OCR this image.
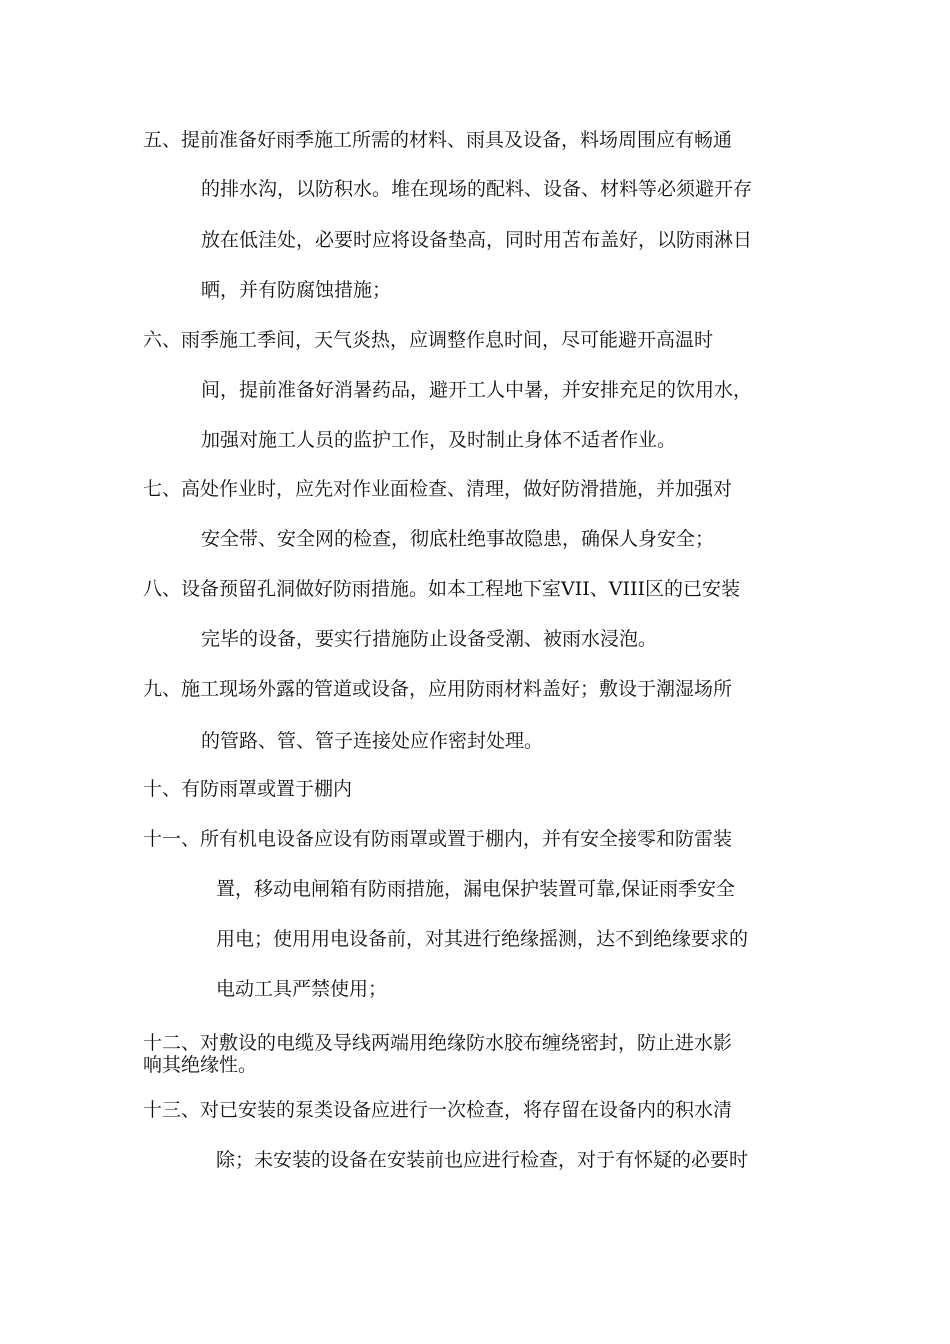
五、提前准备好雨季施工所需的材料、雨具及设备，料场周围应有畅通
的排水沟，以防积水。堆在现场的配料、设备、材料等必须避开存
放在低洼处，必要时应将设备垫高，同时用苫布盖好，以防雨淋日
晒，并有防腐蚀措施；
六、雨季施工季间，天气炎热，应调整作息时间，尽可能避开高温时
间，提前准备好消暑药品，避开工人中暑，并安排充足的饮用水，
加强对施工人员的监护工作，及时制止身体不适者作业。
七、高处作业时，应先对作业面检查、清理，做好防滑措施，并加强对
安全带、安全网的检查，彻底杜绝事故隐患，确保人身安全；
八、设备预留孔洞做好防雨措施。如本工程地下室VII、VIII区的已安装
完毕的设备，要实行措施防止设备受潮、被雨水浸泡。
九、施工现场外露的管道或设备，应用防雨材料盖好；敷设于潮湿场所
的管路、管、管子连接处应作密封处理。
十、有防雨罩或置于棚内
十一、所有机电设备应设有防雨罩或置于棚内，并有安全接零和防雷装
置，移动电闸箱有防雨措施，漏电保护装置可靠,保证雨季安全
用电；使用用电设备前，对其进行绝缘摇测，达不到绝缘要求的
电动工具严禁使用；
十二、对敷设的电缆及导线两端用绝缘防水胶布缠绕密封，防止进水影
响其绝缘性。
十三、对已安装的泵类设备应进行一次检查，将存留在设备内的积水清
除；未安装的设备在安装前也应进行检查，对于有怀疑的必要时
